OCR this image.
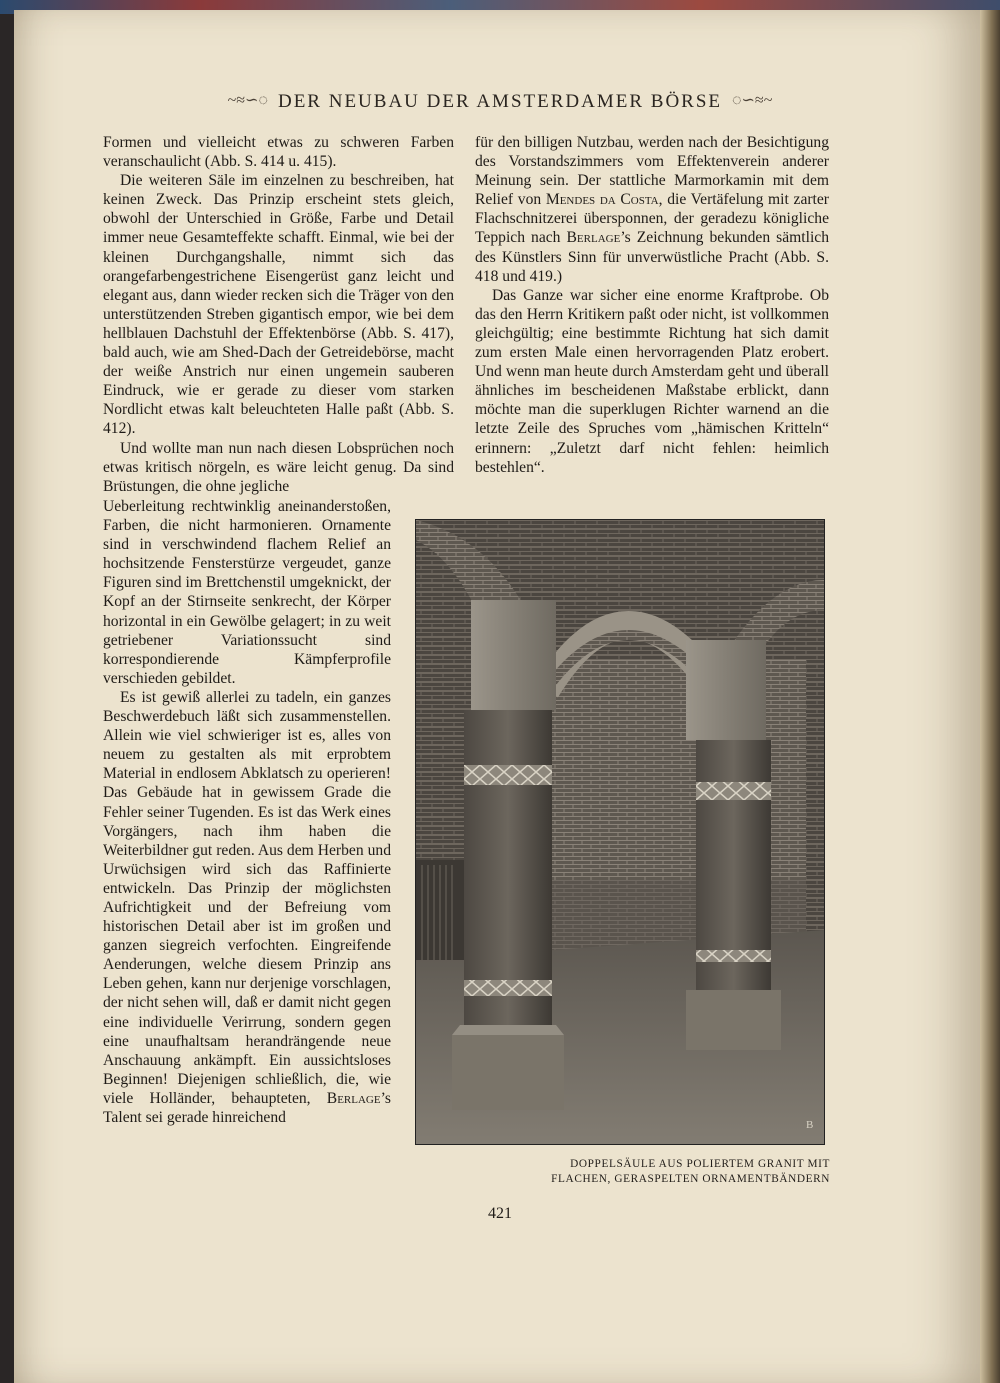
~≈∽◌ DER NEUBAU DER AMSTERDAMER BÖRSE ◌∽≈~

Formen und vielleicht etwas zu schweren Farben veranschaulicht (Abb. S. 414 u. 415).

Die weiteren Säle im einzelnen zu beschreiben, hat keinen Zweck. Das Prinzip erscheint stets gleich, obwohl der Unterschied in Größe, Farbe und Detail immer neue Gesamteffekte schafft. Einmal, wie bei der kleinen Durchgangshalle, nimmt sich das orangefarbengestrichene Eisengerüst ganz leicht und elegant aus, dann wieder recken sich die Träger von den unterstützenden Streben gigantisch empor, wie bei dem hellblauen Dachstuhl der Effektenbörse (Abb. S. 417), bald auch, wie am Shed-Dach der Getreidebörse, macht der weiße Anstrich nur einen ungemein sauberen Eindruck, wie er gerade zu dieser vom starken Nordlicht etwas kalt beleuchteten Halle paßt (Abb. S. 412).

Und wollte man nun nach diesen Lobsprüchen noch etwas kritisch nörgeln, es wäre leicht genug. Da sind Brüstungen, die ohne jegliche

für den billigen Nutzbau, werden nach der Besichtigung des Vorstandszimmers vom Effektenverein anderer Meinung sein. Der stattliche Marmorkamin mit dem Relief von Mendes da Costa, die Vertäfelung mit zarter Flachschnitzerei übersponnen, der geradezu königliche Teppich nach Berlage’s Zeichnung bekunden sämtlich des Künstlers Sinn für unverwüstliche Pracht (Abb. S. 418 und 419.)

Das Ganze war sicher eine enorme Kraftprobe. Ob das den Herrn Kritikern paßt oder nicht, ist vollkommen gleichgültig; eine bestimmte Richtung hat sich damit zum ersten Male einen hervorragenden Platz erobert. Und wenn man heute durch Amsterdam geht und überall ähnliches im bescheidenen Maßstabe erblickt, dann möchte man die superklugen Richter warnend an die letzte Zeile des Spruches vom „hämischen Kritteln“ erinnern: „Zuletzt darf nicht fehlen: heimlich bestehlen“.

Ueberleitung rechtwinklig aneinanderstoßen, Farben, die nicht harmonieren. Ornamente sind in verschwindend flachem Relief an hochsitzende Fensterstürze vergeudet, ganze Figuren sind im Brettchenstil umgeknickt, der Kopf an der Stirnseite senkrecht, der Körper horizontal in ein Gewölbe gelagert; in zu weit getriebener Variationssucht sind korrespondierende Kämpferprofile verschieden gebildet.

Es ist gewiß allerlei zu tadeln, ein ganzes Beschwerdebuch läßt sich zusammenstellen. Allein wie viel schwieriger ist es, alles von neuem zu gestalten als mit erprobtem Material in endlosem Abklatsch zu operieren! Das Gebäude hat in gewissem Grade die Fehler seiner Tugenden. Es ist das Werk eines Vorgängers, nach ihm haben die Weiterbildner gut reden. Aus dem Herben und Urwüchsigen wird sich das Raffinierte entwickeln. Das Prinzip der möglichsten Aufrichtigkeit und der Befreiung vom historischen Detail aber ist im großen und ganzen siegreich verfochten. Eingreifende Aenderungen, welche diesem Prinzip ans Leben gehen, kann nur derjenige vorschlagen, der nicht sehen will, daß er damit nicht gegen eine individuelle Verirrung, sondern gegen eine unaufhaltsam herandrängende neue Anschauung ankämpft. Ein aussichtsloses Beginnen! Diejenigen schließlich, die, wie viele Holländer, behaupteten, Berlage’s Talent sei gerade hinreichend	B
DOPPELSÄULE AUS POLIERTEM GRANIT MIT
FLACHEN, GERASPELTEN ORNAMENTBÄNDERN
421
